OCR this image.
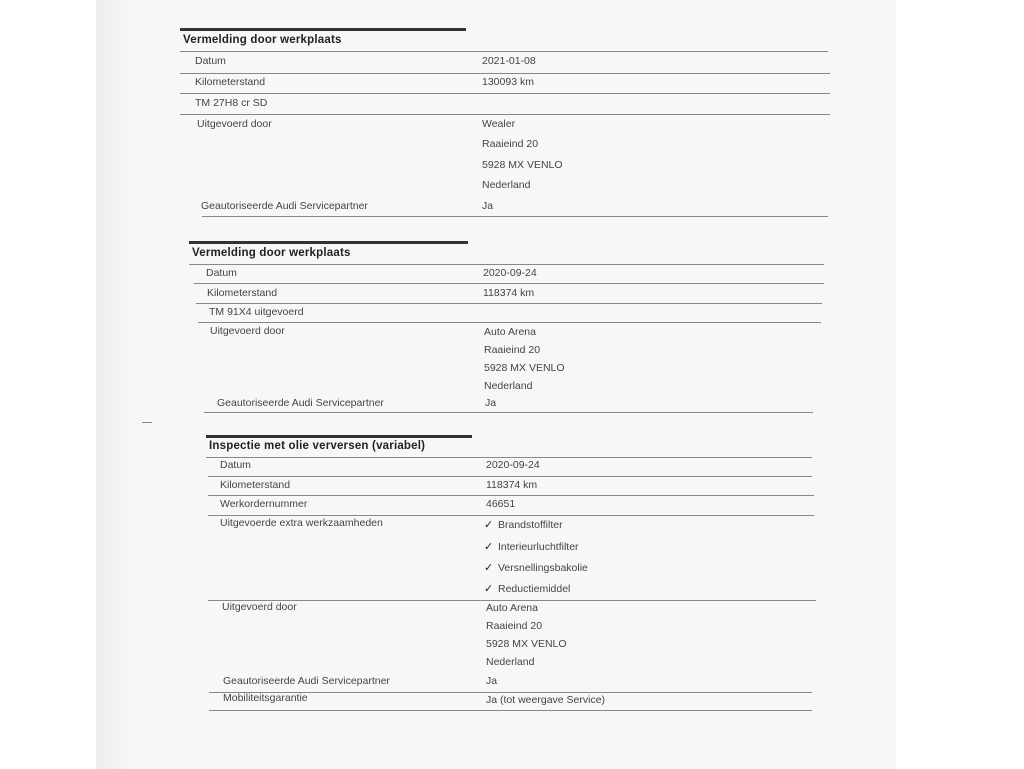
Vermelding door werkplaats
Datum	2021-01-08
Kilometerstand	130093 km
TM 27H8 cr SD
Uitgevoerd door	Wealer
Raaieind 20
5928 MX VENLO
Nederland
Geautoriseerde Audi Servicepartner	Ja
Vermelding door werkplaats
Datum	2020-09-24
Kilometerstand	118374 km
TM 91X4 uitgevoerd
Uitgevoerd door	Auto Arena
Raaieind 20
5928 MX VENLO
Nederland
Geautoriseerde Audi Servicepartner	Ja
Inspectie met olie verversen (variabel)
Datum	2020-09-24
Kilometerstand	118374 km
Werkordernummer	46651
Uitgevoerde extra werkzaamheden	✓ Brandstoffilter
✓ Interieurluchtfilter
✓ Versnellingsbakolie
✓ Reductiemiddel
Uitgevoerd door	Auto Arena
Raaieind 20
5928 MX VENLO
Nederland
Geautoriseerde Audi Servicepartner	Ja
Mobiliteitsgarantie	Ja (tot weergave Service)
